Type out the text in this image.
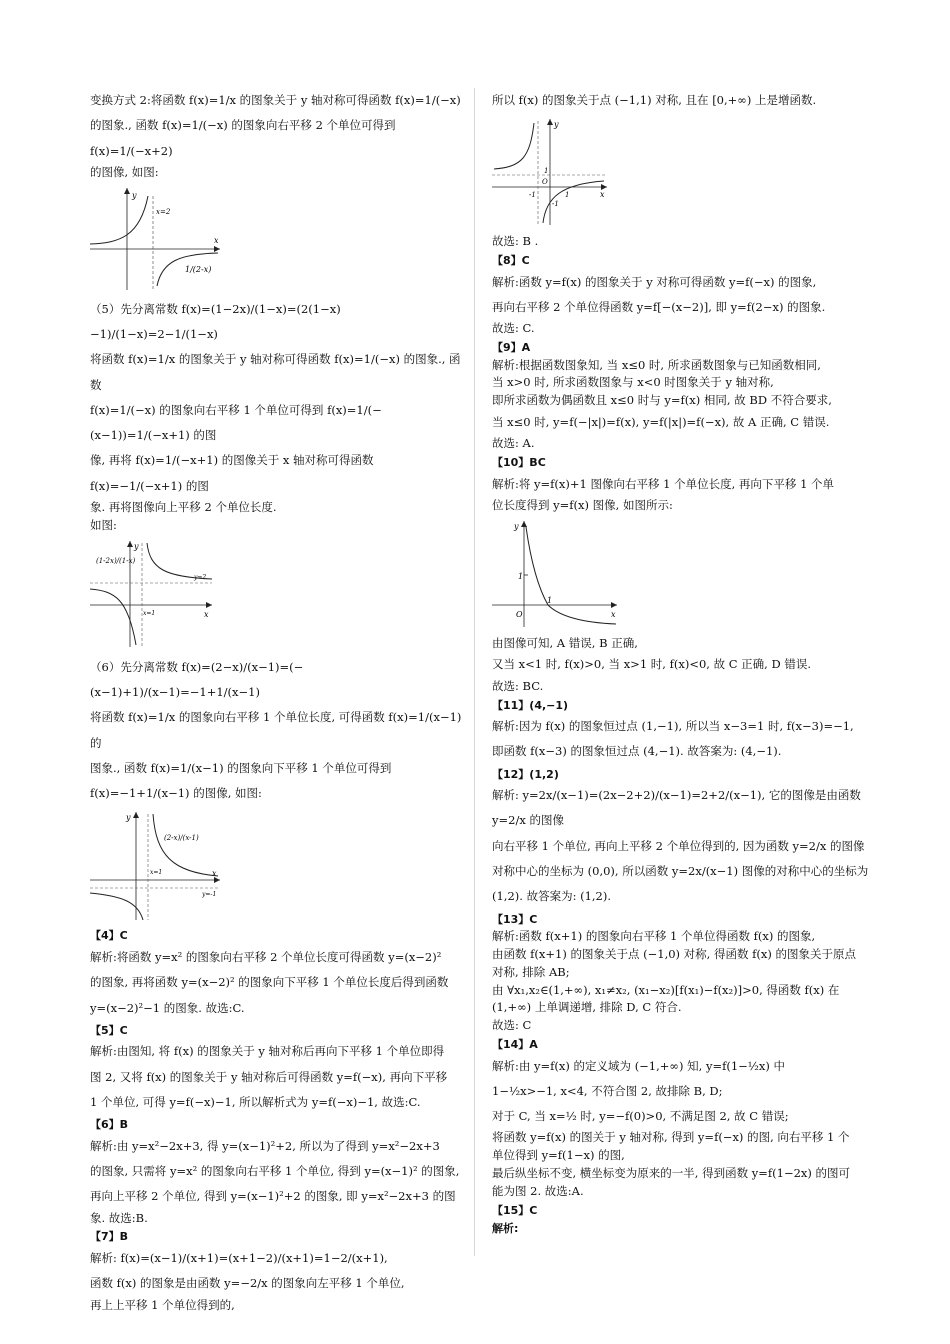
变换方式 2:将函数 f(x)=1/x 的图象关于 y 轴对称可得函数 f(x)=1/(−x)

的图象., 函数 f(x)=1/(−x) 的图象向右平移 2 个单位可得到 f(x)=1/(−x+2)

的图像, 如图:

y
x
x=2
1/(2-x)

（5）先分离常数 f(x)=(1−2x)/(1−x)=(2(1−x)−1)/(1−x)=2−1/(1−x)

将函数 f(x)=1/x 的图象关于 y 轴对称可得函数 f(x)=1/(−x) 的图象., 函数

f(x)=1/(−x) 的图象向右平移 1 个单位可得到 f(x)=1/(−(x−1))=1/(−x+1) 的图

像, 再将 f(x)=1/(−x+1) 的图像关于 x 轴对称可得函数 f(x)=−1/(−x+1) 的图

象. 再将图像向上平移 2 个单位长度.

如图:

y
x
(1-2x)/(1-x)
y=2
x=1

（6）先分离常数 f(x)=(2−x)/(x−1)=(−(x−1)+1)/(x−1)=−1+1/(x−1)

将函数 f(x)=1/x 的图象向右平移 1 个单位长度, 可得函数 f(x)=1/(x−1) 的

图象., 函数 f(x)=1/(x−1) 的图象向下平移 1 个单位可得到

f(x)=−1+1/(x−1) 的图像, 如图:

y
x
x=1
y=-1
(2-x)/(x-1)

【4】C

解析:将函数 y=x² 的图象向右平移 2 个单位长度可得函数 y=(x−2)²

的图象, 再将函数 y=(x−2)² 的图象向下平移 1 个单位长度后得到函数

y=(x−2)²−1 的图象. 故选:C.

【5】C

解析:由图知, 将 f(x) 的图象关于 y 轴对称后再向下平移 1 个单位即得

图 2, 又将 f(x) 的图象关于 y 轴对称后可得函数 y=f(−x), 再向下平移

1 个单位, 可得 y=f(−x)−1, 所以解析式为 y=f(−x)−1, 故选:C.

【6】B

解析:由 y=x²−2x+3, 得 y=(x−1)²+2, 所以为了得到 y=x²−2x+3

的图象, 只需将 y=x² 的图象向右平移 1 个单位, 得到 y=(x−1)² 的图象,

再向上平移 2 个单位, 得到 y=(x−1)²+2 的图象, 即 y=x²−2x+3 的图

象. 故选:B.

【7】B

解析: f(x)=(x−1)/(x+1)=(x+1−2)/(x+1)=1−2/(x+1),

函数 f(x) 的图象是由函数 y=−2/x 的图象向左平移 1 个单位,

再上上平移 1 个单位得到的,

所以 f(x) 的图象关于点 (−1,1) 对称, 且在 [0,+∞) 上是增函数.

y
x
1
-1
O
-1	1

故选: B .

【8】C

解析:函数 y=f(x) 的图象关于 y 对称可得函数 y=f(−x) 的图象,

再向右平移 2 个单位得函数 y=f[−(x−2)], 即 y=f(2−x) 的图象.

故选: C.

【9】A

解析:根据函数图象知, 当 x≤0 时, 所求函数图象与已知函数相同,

当 x>0 时, 所求函数图象与 x<0 时图象关于 y 轴对称,

即所求函数为偶函数且 x≤0 时与 y=f(x) 相同, 故 BD 不符合要求,

当 x≤0 时, y=f(−|x|)=f(x), y=f(|x|)=f(−x), 故 A 正确, C 错误.

故选: A.

【10】BC

解析:将 y=f(x)+1 图像向右平移 1 个单位长度, 再向下平移 1 个单

位长度得到 y=f(x) 图像, 如图所示:

y
x
1
1
O

由图像可知, A 错误, B 正确,

又当 x<1 时, f(x)>0, 当 x>1 时, f(x)<0, 故 C 正确, D 错误.

故选: BC.

【11】(4,−1)

解析:因为 f(x) 的图象恒过点 (1,−1), 所以当 x−3=1 时, f(x−3)=−1,

即函数 f(x−3) 的图象恒过点 (4,−1). 故答案为: (4,−1).

【12】(1,2)

解析: y=2x/(x−1)=(2x−2+2)/(x−1)=2+2/(x−1), 它的图像是由函数 y=2/x 的图像

向右平移 1 个单位, 再向上平移 2 个单位得到的, 因为函数 y=2/x 的图像

对称中心的坐标为 (0,0), 所以函数 y=2x/(x−1) 图像的对称中心的坐标为

(1,2). 故答案为: (1,2).

【13】C

解析:函数 f(x+1) 的图象向右平移 1 个单位得函数 f(x) 的图象,

由函数 f(x+1) 的图象关于点 (−1,0) 对称, 得函数 f(x) 的图象关于原点

对称, 排除 AB;

由 ∀x₁,x₂∈(1,+∞), x₁≠x₂, (x₁−x₂)[f(x₁)−f(x₂)]>0, 得函数 f(x) 在

(1,+∞) 上单调递增, 排除 D, C 符合.

故选: C

【14】A

解析:由 y=f(x) 的定义域为 (−1,+∞) 知, y=f(1−½x) 中

1−½x>−1, x<4, 不符合图 2, 故排除 B, D;

对于 C, 当 x=½ 时, y=−f(0)>0, 不满足图 2, 故 C 错误;

将函数 y=f(x) 的图关于 y 轴对称, 得到 y=f(−x) 的图, 向右平移 1 个

单位得到 y=f(1−x) 的图,

最后纵坐标不变, 横坐标变为原来的一半, 得到函数 y=f(1−2x) 的图可

能为图 2. 故选:A.

【15】C

解析:
